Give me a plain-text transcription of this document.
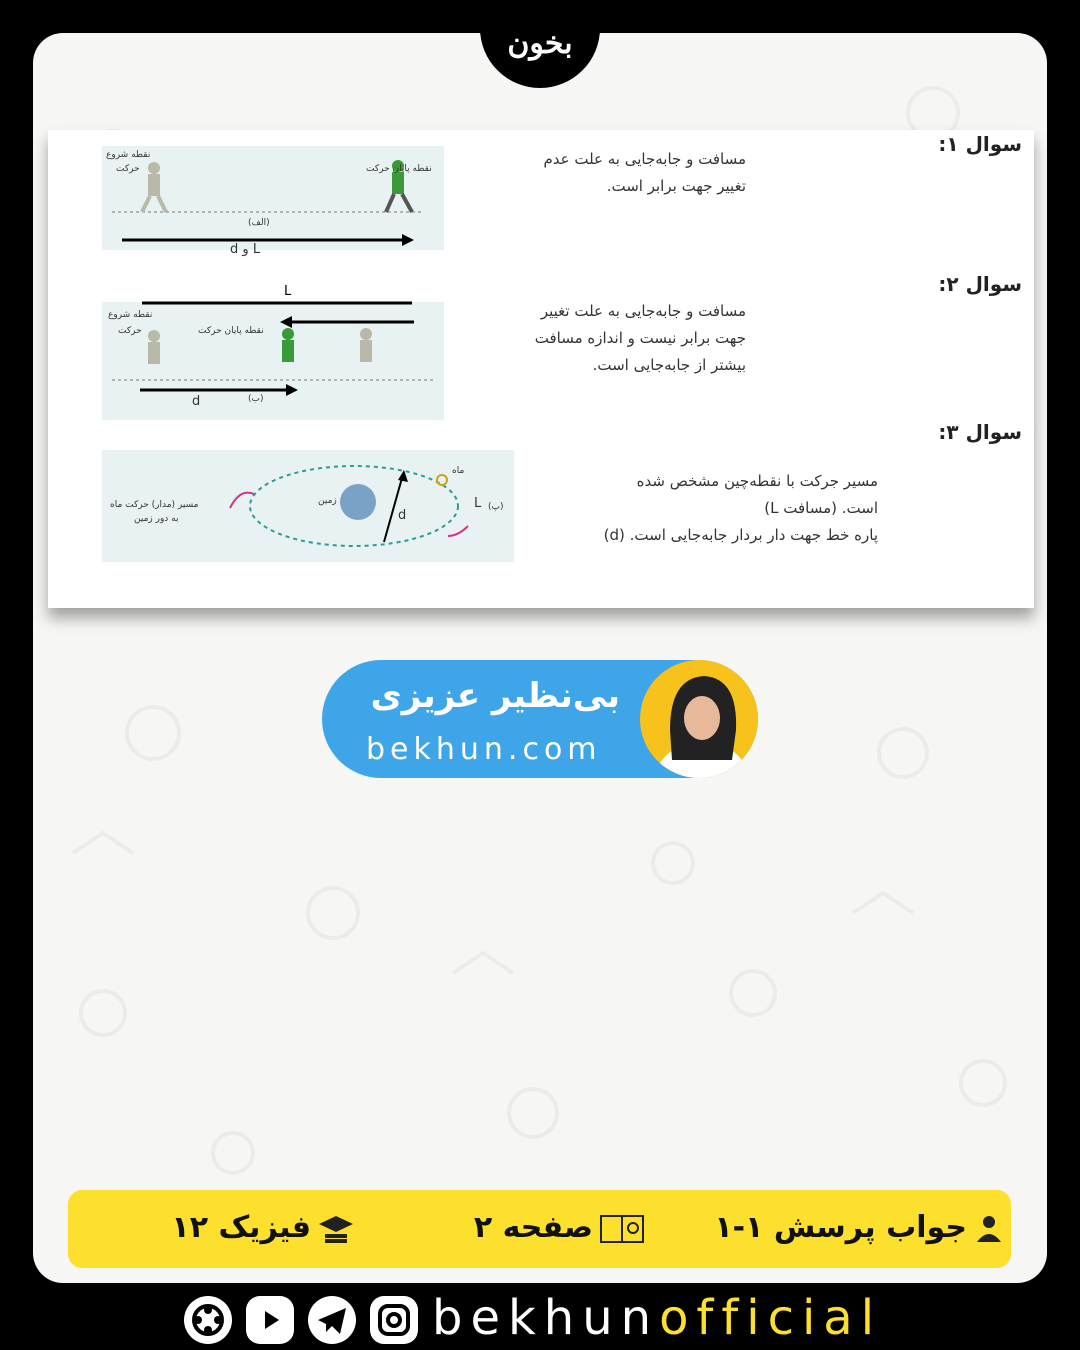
بخون
سوال ۱:
مسافت و جابه‌جایی به علت عدم
تغییر جهت برابر است.
نقطه شروع
حرکت	نقطه پایان حرکت
(الف)
L و d
سوال ۲:
مسافت و جابه‌جایی به علت تغییر
جهت برابر نیست و اندازه مسافت
بیشتر از جابه‌جایی است.
نقطه شروع
حرکت	نقطه پایان حرکت
(ب)
d
L
سوال ۳:
مسیر جرکت با نقطه‌چین مشخص شده
است. (مسافت L)
پاره خط جهت دار بردار جابه‌جایی است. (d)
مسیر (مدار) حرکت ماه
به دور زمین
زمین
ماه
(پ)
d
L
بی‌نظیر عزیزی
bekhun.com
جواب پرسش ۱-۱
صفحه ۲
فیزیک ۱۲
bekhunofficial
